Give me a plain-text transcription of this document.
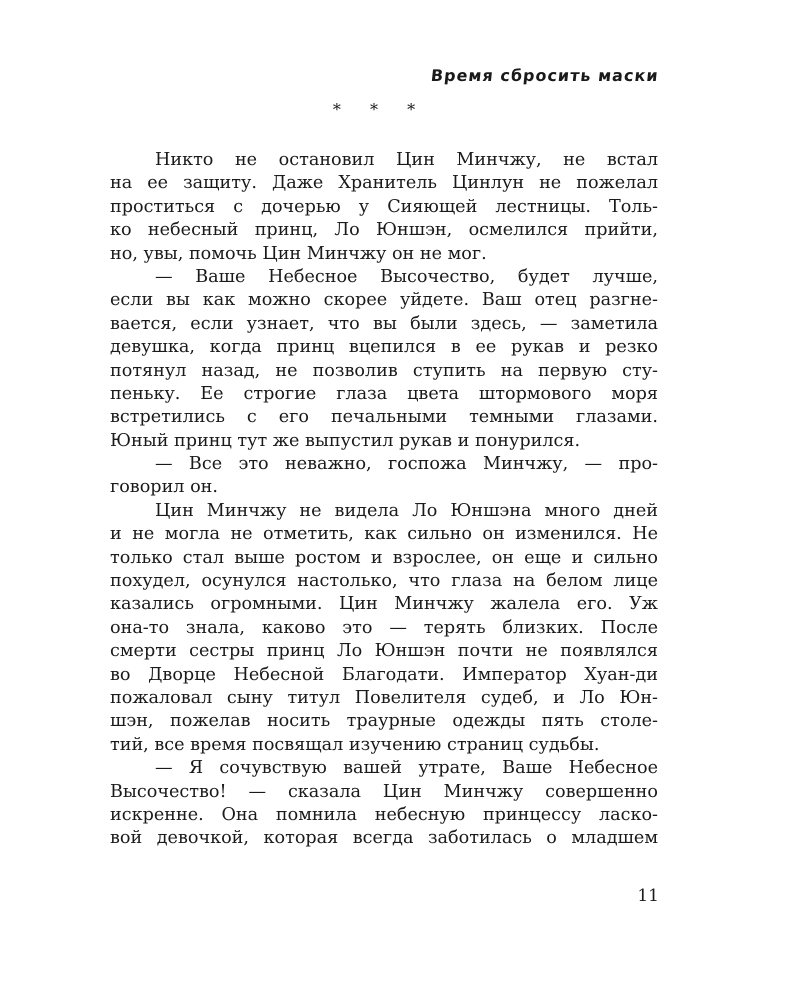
Время сбросить маски
* * *
Никто не остановил Цин Минчжу, не встал
на ее защиту. Даже Хранитель Цинлун не пожелал
проститься с дочерью у Сияющей лестницы. Толь-
ко небесный принц, Ло Юншэн, осмелился прийти,
но, увы, помочь Цин Минчжу он не мог.
— Ваше Небесное Высочество, будет лучше,
если вы как можно скорее уйдете. Ваш отец разгне-
вается, если узнает, что вы были здесь, — заметила
девушка, когда принц вцепился в ее рукав и резко
потянул назад, не позволив ступить на первую сту-
пеньку. Ее строгие глаза цвета штормового моря
встретились с его печальными темными глазами.
Юный принц тут же выпустил рукав и понурился.
— Все это неважно, госпожа Минчжу, — про-
говорил он.
Цин Минчжу не видела Ло Юншэна много дней
и не могла не отметить, как сильно он изменился. Не
только стал выше ростом и взрослее, он еще и сильно
похудел, осунулся настолько, что глаза на белом лице
казались огромными. Цин Минчжу жалела его. Уж
она-то знала, каково это — терять близких. После
смерти сестры принц Ло Юншэн почти не появлялся
во Дворце Небесной Благодати. Император Хуан-ди
пожаловал сыну титул Повелителя судеб, и Ло Юн-
шэн, пожелав носить траурные одежды пять столе-
тий, все время посвящал изучению страниц судьбы.
— Я сочувствую вашей утрате, Ваше Небесное
Высочество! — сказала Цин Минчжу совершенно
искренне. Она помнила небесную принцессу ласко-
вой девочкой, которая всегда заботилась о младшем
11
